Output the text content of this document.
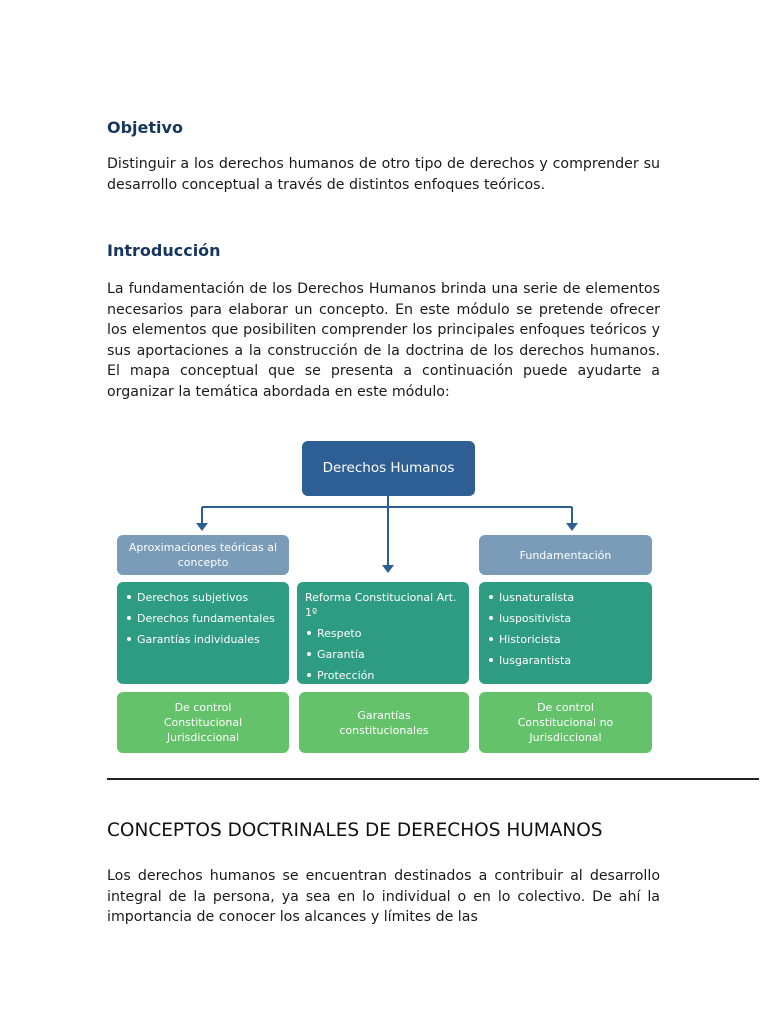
Objetivo

Distinguir a los derechos humanos de otro tipo de derechos y comprender su desarrollo conceptual a través de distintos enfoques teóricos.

Introducción

La fundamentación de los Derechos Humanos brinda una serie de elementos necesarios para elaborar un concepto. En este módulo se pretende ofrecer los elementos que posibiliten comprender los principales enfoques teóricos y sus aportaciones a la construcción de la doctrina de los derechos humanos. El mapa conceptual que se presenta a continuación puede ayudarte a organizar la temática abordada en este módulo:

Derechos Humanos
Aproximaciones teóricas al concepto
Fundamentación
Derechos subjetivos
Derechos fundamentales
Garantías individuales

Reforma Constitucional Art. 1º

Respeto
Garantía
Protección
Iusnaturalista
Iuspositivista
Historicista
Iusgarantista
De control Constitucional Jurisdiccional
Garantías constitucionales
De control Constitucional no Jurisdiccional
CONCEPTOS DOCTRINALES DE DERECHOS HUMANOS

Los derechos humanos se encuentran destinados a contribuir al desarrollo integral de la persona, ya sea en lo individual o en lo colectivo. De ahí la importancia de conocer los alcances y límites de las
